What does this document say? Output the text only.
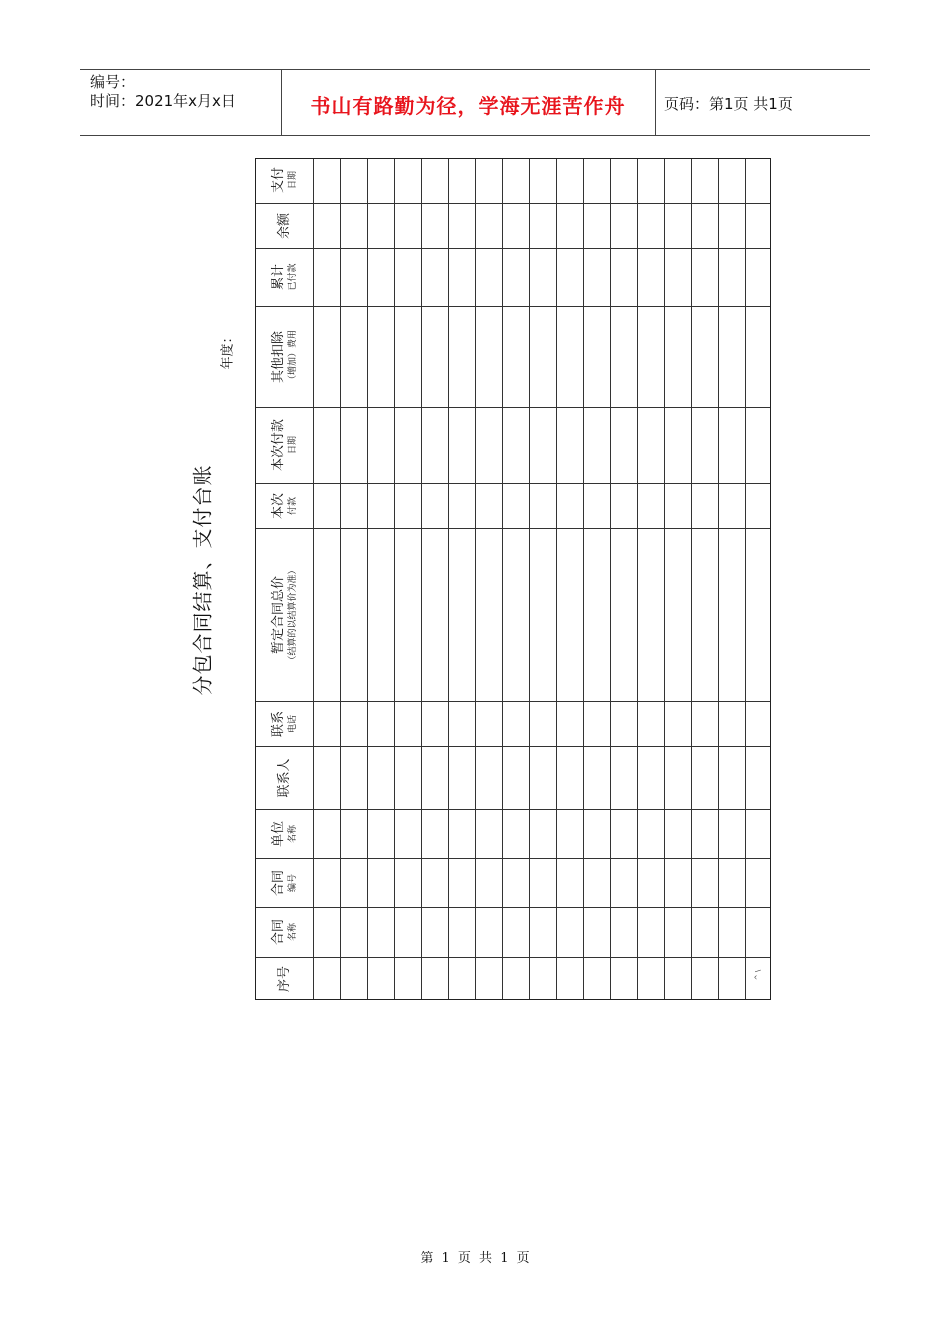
编号：
时间：2021年x月x日	书山有路勤为径，学海无涯苦作舟	页码：第1页 共1页
分包合同结算、支付台账
年度：
^ \
序号
合同 名称
合同 编号
单位 名称
联系人
联系 电话
暂定合同总价 （结算的以结算价为准）
本次 付款
本次付款 日期
其他扣除 （增加）费用
累计 已付款
余额
支付 日期
第 1 页 共 1 页
